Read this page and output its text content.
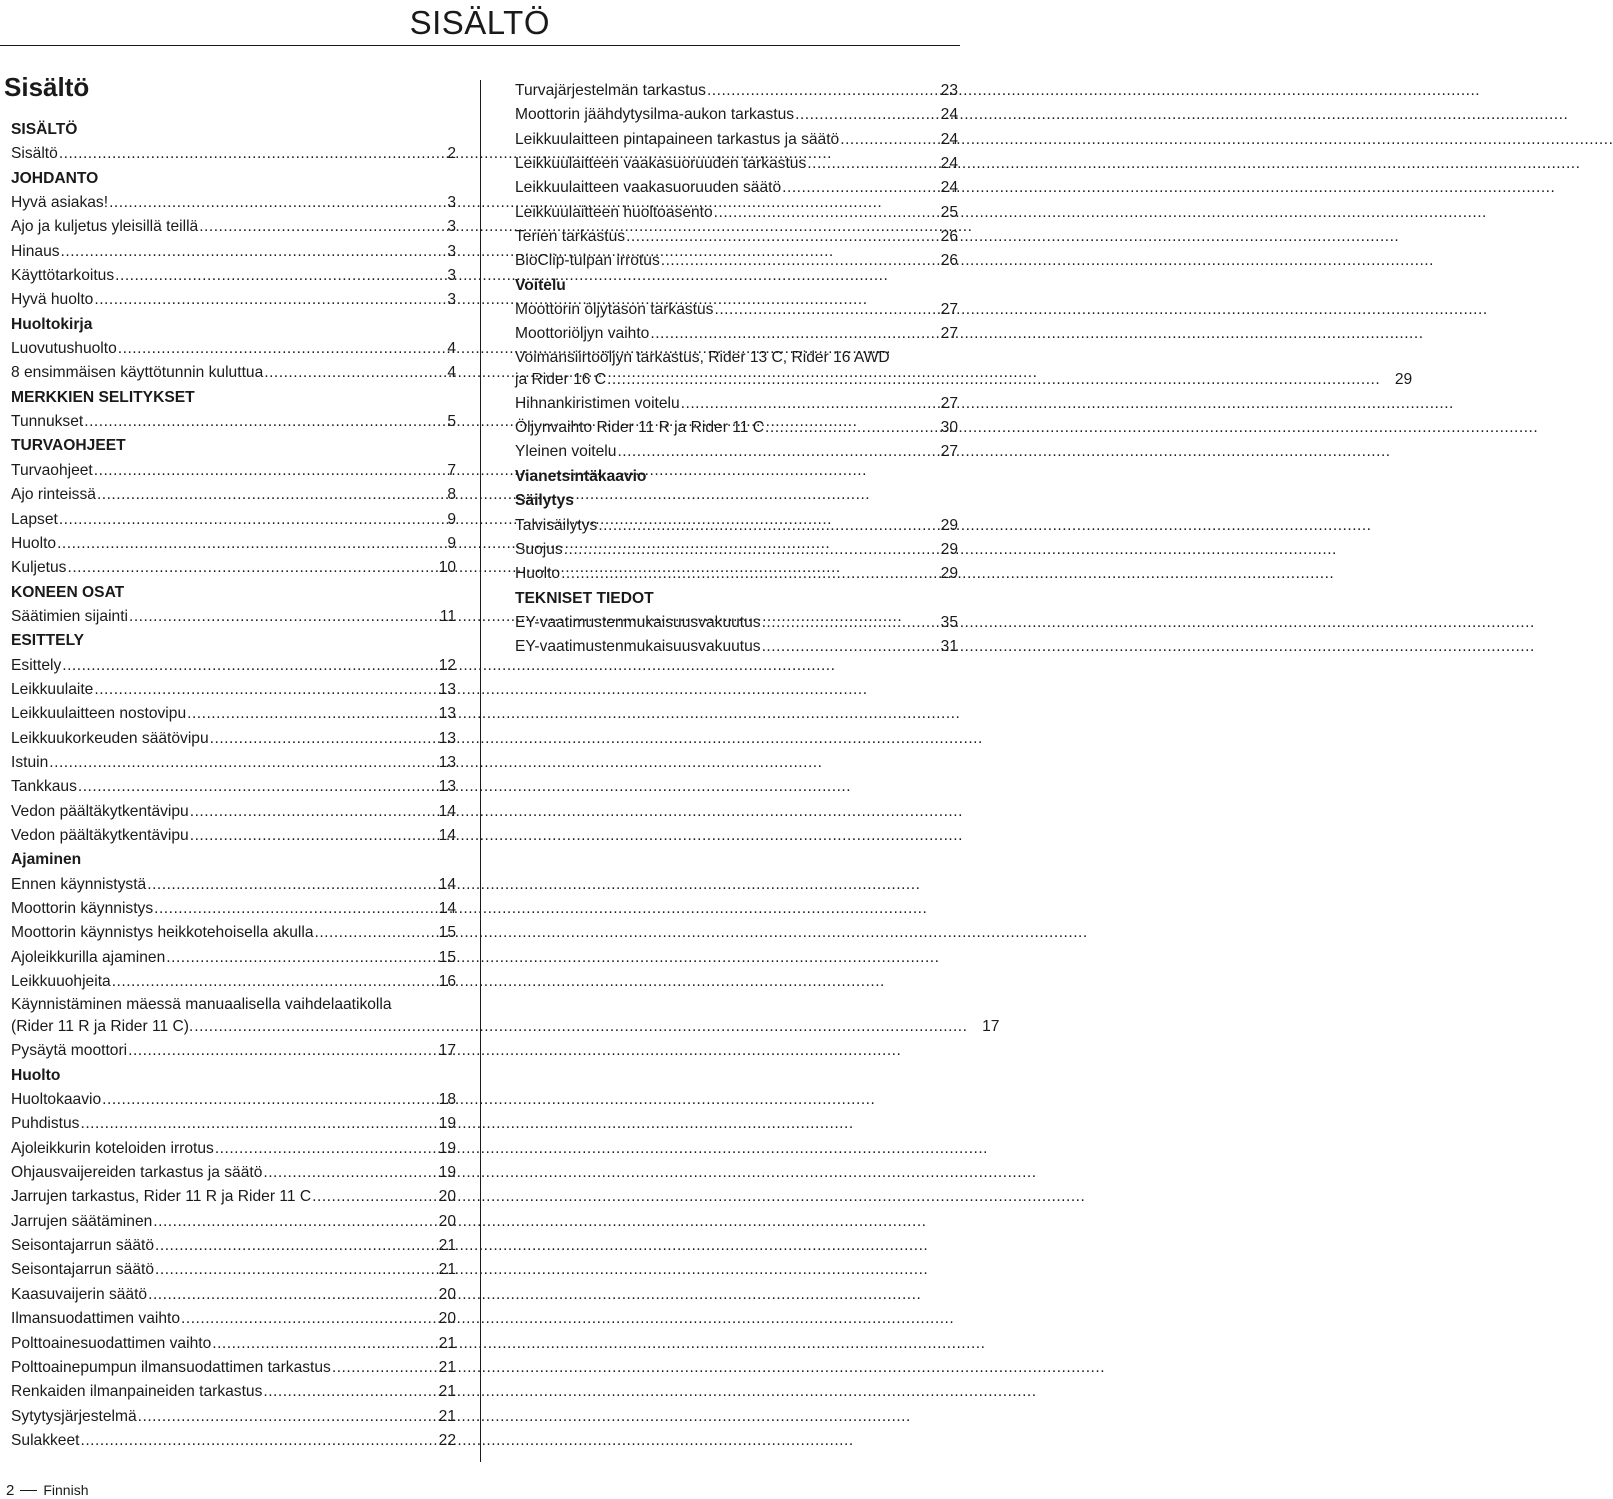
SISÄLTÖ
Sisältö
SISÄLTÖ
Sisältö .....	2
JOHDANTO
Hyvä asiakas! .....	3
Ajo ja kuljetus yleisillä teillä .....	3
Hinaus .....	3
Käyttötarkoitus .....	3
Hyvä huolto .....	3
Huoltokirja
Luovutushuolto .....	4
8 ensimmäisen käyttötunnin kuluttua .....	4
MERKKIEN SELITYKSET
Tunnukset .....	5
TURVAOHJEET
Turvaohjeet .....	7
Ajo rinteissä .....	8
Lapset .....	9
Huolto .....	9
Kuljetus .....	10
KONEEN OSAT
Säätimien sijainti .....	11
ESITTELY
Esittely .....	12
Leikkuulaite .....	13
Leikkuulaitteen nostovipu .....	13
Leikkuukorkeuden säätövipu .....	13
Istuin .....	13
Tankkaus .....	13
Vedon päältäkytkentävipu .....	14
Vedon päältäkytkentävipu .....	14
Ajaminen
Ennen käynnistystä .....	14
Moottorin käynnistys .....	14
Moottorin käynnistys heikkotehoisella akulla .....	15
Ajoleikkurilla ajaminen .....	15
Leikkuuohjeita .....	16
Käynnistäminen mäessä manuaalisella vaihdelaatikolla
(Rider 11 R ja Rider 11 C). .....	17
Pysäytä moottori .....	17
Huolto
Huoltokaavio .....	18
Puhdistus .....	19
Ajoleikkurin koteloiden irrotus .....	19
Ohjausvaijereiden tarkastus ja säätö .....	19
Jarrujen tarkastus, Rider 11 R ja Rider 11 C .....	20
Jarrujen säätäminen .....	20
Seisontajarrun säätö .....	21
Seisontajarrun säätö .....	21
Kaasuvaijerin säätö .....	20
Ilmansuodattimen vaihto .....	20
Polttoainesuodattimen vaihto .....	21
Polttoainepumpun ilmansuodattimen tarkastus .....	21
Renkaiden ilmanpaineiden tarkastus .....	21
Sytytysjärjestelmä .....	21
Sulakkeet .....	22
Turvajärjestelmän tarkastus .....	23
Moottorin jäähdytysilma-aukon tarkastus .....	24
Leikkuulaitteen pintapaineen tarkastus ja säätö .....	24
Leikkuulaitteen vaakasuoruuden tarkastus .....	24
Leikkuulaitteen vaakasuoruuden säätö .....	24
Leikkuulaitteen huoltoasento .....	25
Terien tarkastus .....	26
BioClip-tulpan irrotus .....	26
Voitelu
Moottorin öljytason tarkastus .....	27
Moottoriöljyn vaihto .....	27
Voimansiirtoöljyn tarkastus, Rider 13 C, Rider 16 AWD
ja Rider 16 C .....	29
Hihnankiristimen voitelu .....	27
Öljynvaihto Rider 11 R ja Rider 11 C .....	30
Yleinen voitelu .....	27
Vianetsintäkaavio
Säilytys
Talvisäilytys .....	29
Suojus .....	29
Huolto .....	29
TEKNISET TIEDOT
EY-vaatimustenmukaisuusvakuutus .....	35
EY-vaatimustenmukaisuusvakuutus .....	31
2 Finnish
